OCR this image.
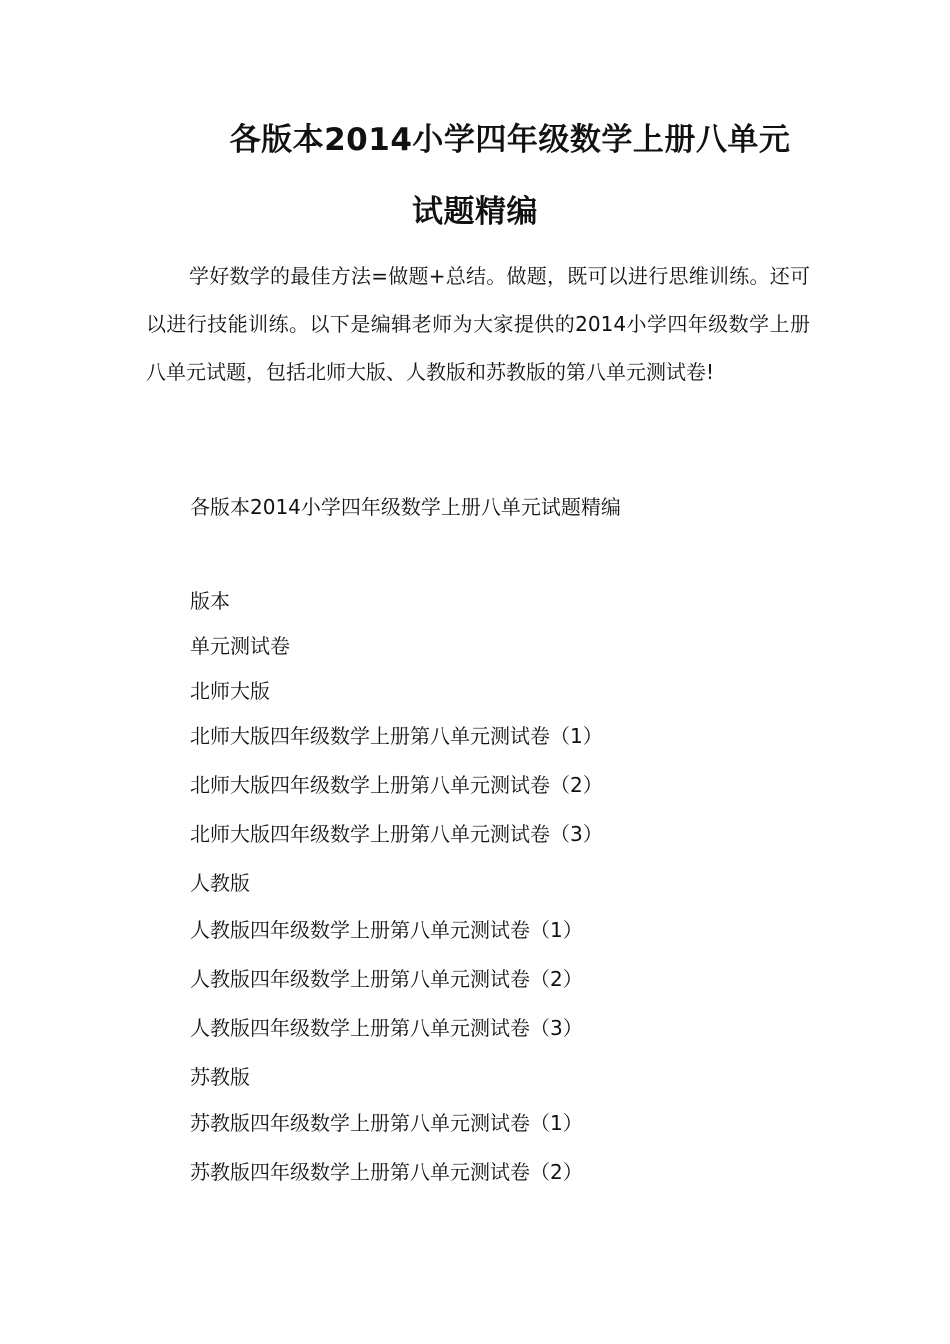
各版本2014小学四年级数学上册八单元
试题精编

学好数学的最佳方法=做题+总结。做题，既可以进行思维训练。还可以进行技能训练。以下是编辑老师为大家提供的2014小学四年级数学上册八单元试题，包括北师大版、人教版和苏教版的第八单元测试卷!

各版本2014小学四年级数学上册八单元试题精编
版本
单元测试卷
北师大版
北师大版四年级数学上册第八单元测试卷（1）
北师大版四年级数学上册第八单元测试卷（2）
北师大版四年级数学上册第八单元测试卷（3）
人教版
人教版四年级数学上册第八单元测试卷（1）
人教版四年级数学上册第八单元测试卷（2）
人教版四年级数学上册第八单元测试卷（3）
苏教版
苏教版四年级数学上册第八单元测试卷（1）
苏教版四年级数学上册第八单元测试卷（2）
